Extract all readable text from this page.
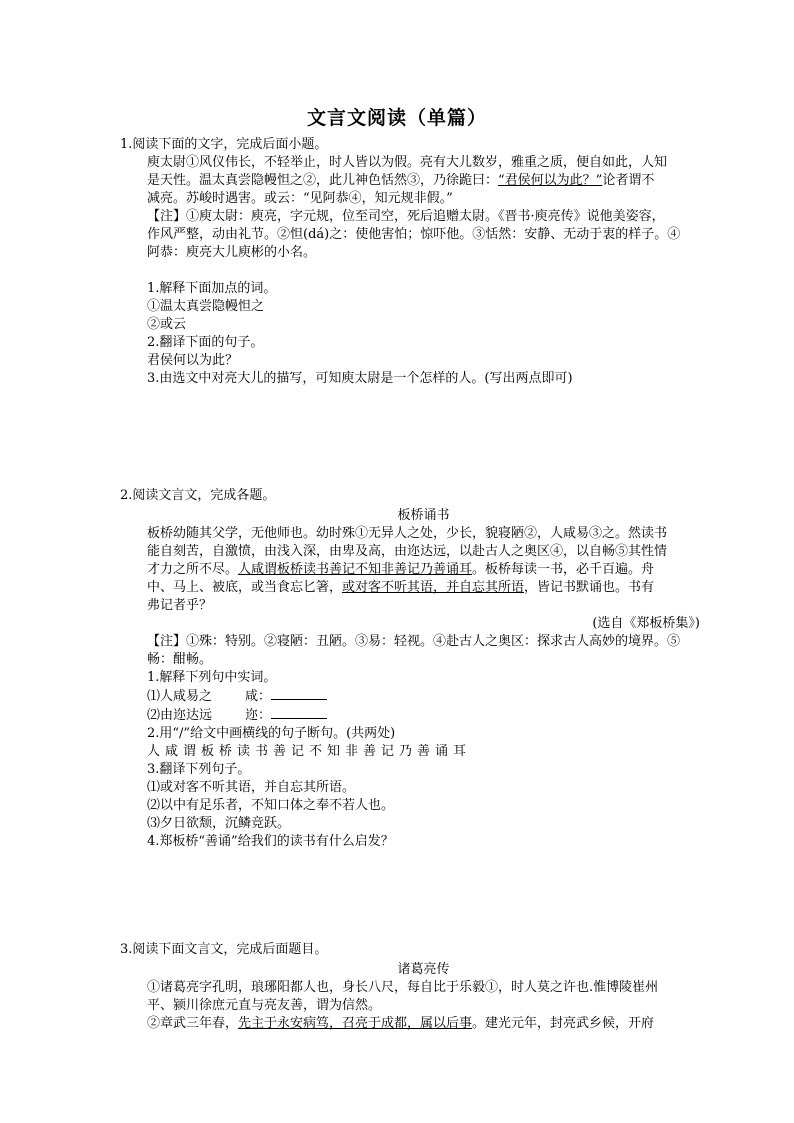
文言文阅读（单篇）

1.阅读下面的文字，完成后面小题。

庾太尉①风仪伟长，不轻举止，时人皆以为假。亮有大儿数岁，雅重之质，便自如此，人知

是天性。温太真尝隐幔怛之②，此儿神色恬然③，乃徐跪曰：“君侯何以为此？”论者谓不

减亮。苏峻时遇害。或云：“见阿恭④，知元规非假。”

【注】①庾太尉：庾亮，字元规，位至司空，死后追赠太尉。《晋书·庾亮传》说他美姿容，

作风严整，动由礼节。②怛(dá)之：使他害怕；惊吓他。③恬然：安静、无动于衷的样子。④

阿恭：庾亮大儿庾彬的小名。

1.解释下面加点的词。

①温太真尝隐幔怛之

②或云

2.翻译下面的句子。

君侯何以为此？

3.由选文中对亮大儿的描写，可知庾太尉是一个怎样的人。(写出两点即可)

2.阅读文言文，完成各题。

板桥诵书

板桥幼随其父学，无他师也。幼时殊①无异人之处，少长，貌寝陋②，人咸易③之。然读书

能自刻苦，自激愤，由浅入深，由卑及高，由迩达远，以赴古人之奥区④，以自畅⑤其性情

才力之所不尽。人咸谓板桥读书善记不知非善记乃善诵耳。板桥每读一书，必千百遍。舟

中、马上、被底，或当食忘匕箸，或对客不听其语，并自忘其所语，皆记书默诵也。书有

弗记者乎？

(选自《郑板桥集》)

【注】①殊：特别。②寝陋：丑陋。③易：轻视。④赴古人之奥区：探求古人高妙的境界。⑤

畅：酣畅。

1.解释下列句中实词。

⑴人咸易之        咸：

⑵由迩达远        迩：

2.用“/”给文中画横线的句子断句。(共两处)

人咸谓板桥读书善记不知非善记乃善诵耳

3.翻译下列句子。

⑴或对客不听其语，并自忘其所语。

⑵以中有足乐者，不知口体之奉不若人也。

⑶夕日欲颓，沉鳞竞跃。

4.郑板桥“善诵”给我们的读书有什么启发？

3.阅读下面文言文，完成后面题目。

诸葛亮传

①诸葛亮字孔明，琅琊阳都人也，身长八尺，每自比于乐毅①，时人莫之许也.惟博陵崔州

平、颍川徐庶元直与亮友善，谓为信然。

②章武三年春，先主于永安病笃，召亮于成都，属以后事。建光元年，封亮武乡候，开府
